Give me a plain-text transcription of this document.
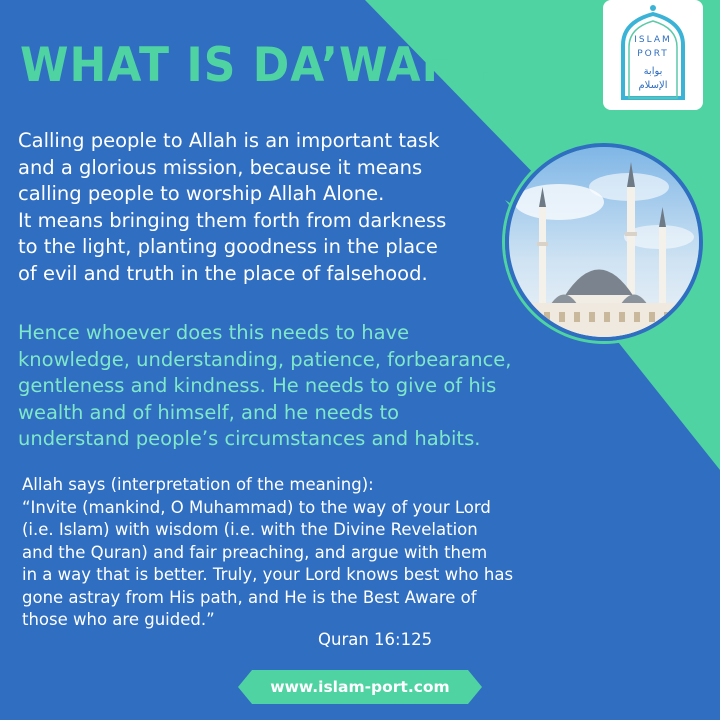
WHAT IS DA’WAH ?

Calling people to Allah is an important task
and a glorious mission, because it means
calling people to worship Allah Alone.
It means bringing them forth from darkness
to the light, planting goodness in the place
of evil and truth in the place of falsehood.

Hence whoever does this needs to have
knowledge, understanding, patience, forbearance,
gentleness and kindness. He needs to give of his
wealth and of himself, and he needs to
understand people’s circumstances and habits.

Allah says (interpretation of the meaning):
“Invite (mankind, O Muhammad) to the way of your Lord
(i.e. Islam) with wisdom (i.e. with the Divine Revelation
and the Quran) and fair preaching, and argue with them
in a way that is better. Truly, your Lord knows best who has
gone astray from His path, and He is the Best Aware of
those who are guided.”

Quran 16:125
ISLAM
PORT
بوابة
الإسلام
www.islam-port.com
